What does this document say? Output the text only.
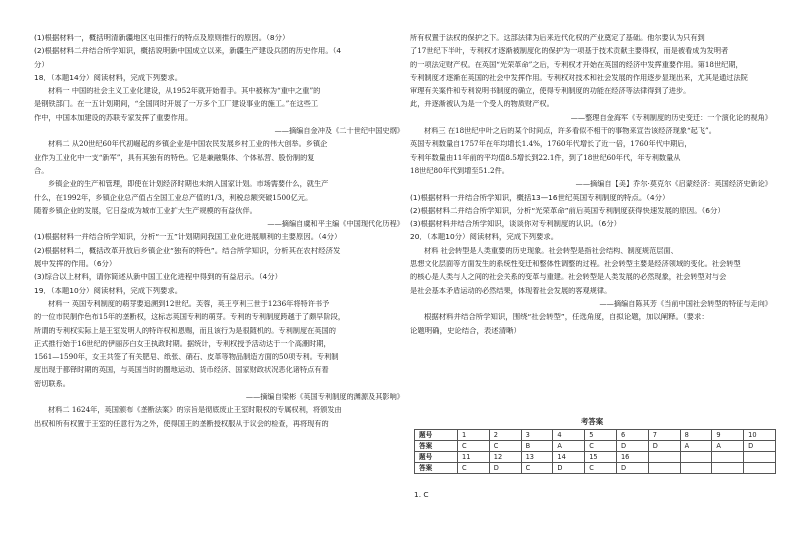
(1)根据材料一，概括明清新疆地区屯田推行的特点及原则推行的原因。（8分）

(2)根据材料二并结合所学知识，概括说明新中国成立以来，新疆生产建设兵团的历史作用。（4

分）

18．（本题14分）阅读材料，完成下列要求。

材料一 中国的社会主义工业化建设，从1952年就开始着手。其中被称为“重中之重”的

是钢铁部门。在一五计划期间，“全国同时开展了一万多个工厂建设事业的施工。”在这些工

作中，中国本加建设的苏联专家发挥了重要作用。

——摘编自金冲及《二十世纪中国史纲》

材料二 从20世纪60年代初崛起的乡镇企业是中国农民发展乡村工业的伟大创举。乡镇企

业作为工业化中一支“新军”，具有其独有的特色。它是兼融集体、个体私营、股份制的复

合。

乡镇企业的生产和管理，即使在计划经济时期也未纳入国家计划。市场需要什么，就生产

什么，在1992年，乡镇企业总产值占全国工业总产值的1/3，利税总额突破1500亿元。

随着乡镇企业的发展，它日益成为城市工业扩大生产规模的有益伙伴。

——摘编自虞和平主编《中国现代化历程》

(1)根据材料一并结合所学知识，分析“一五”计划期间我国工业化进展顺利的主要原因。（4分）

(2)根据材料二，概括改革开放后乡镇企业“独有的特色”。结合所学知识，分析其在农村经济发

展中发挥的作用。（6分）

(3)综合以上材料，请你简述从新中国工业化进程中得到的有益启示。（4分）

19．（本题10分）阅读材料，完成下列要求。

材料一 英国专利制度的萌芽要追溯到12世纪。芙蓉，英王亨利三世于1236年将特许书予

的一位市民制作色布15年的垄断权，这标志英国专利的萌芽。专利的专利制度跨越于了颇早阶段，

所谓的专利权实际上是王室发明人的特许权和恩赐，而且该行为是很随机的。专利制度在英国的

正式推行始于16世纪的伊丽莎白女王执政时期。据统计，专利权授予活动达于一个高潮时期，

1561—1590年，女王共签了有关肥皂、纸张、硝石、皮革等物品制造方面的50项专利。专利制

度出现于都铎时期的英国，与英国当时的圈地运动、货币经济、国家财政状况恶化诸特点有着

密切联系。

——摘编自梁彬《英国专利制度的渊源及其影响》

材料二 1624年，英国颁布《垄断法案》的宗旨是彻底废止王室时限权的专属权利，将颁发由

出权和所有权置于王室的任意行为之外，使得国王的垄断授权服从于议会的检查，再将现有的

所有权置于法权的保护之下。这部法律为后来近代化权的产业奠定了基础。他尔要认为只有到

了17世纪下半叶，专利权才逐渐被制度化的保护为一项基于技术贡献主要得权，而是被看成为发明者

的一项法定财产权。在英国“光荣革命”之后，专利权才开始在英国的经济中发挥重要作用。第18世纪期，

专利制度才逐渐在英国的社会中发挥作用。专利权对技术和社会发展的作用逐步显现出来，尤其是通过法院

审理有关案件和专利说明书制度的确立，使得专利制度的功能在经济等法律得到了进步。

此，并逐渐被认为是一个受人的物质财产权。

——整理自金海军《专利制度的历史变迁：一个演化论的视角》

材料三 在18世纪中叶之后的某个时间点，许多看似不相干的事物来宣告该经济现象“起飞”。

英国专利数量自1757年在年均增长1.4%，1760年代增长了近一倍，1760年代中期后，

专利年数量由11年前的平均值8.5增长到22.1件，到了18世纪60年代，年专利数量从

18世纪80年代到增至51.2件。

——摘编自【美】乔尔·莫克尔《启蒙经济：英国经济史新论》

(1)根据材料一并结合所学知识，概括13—16世纪英国专利制度的特点。（4分）

(2)根据材料二并结合所学知识，分析“光荣革命”前后英国专利制度获得快速发展的原因。（6分）

(3)根据材料并结合所学知识，谈谈你对专利制度的认识。（6分）

20．（本题10分）阅读材料，完成下列要求。

材料 社会转型是人类重要的历史现象。社会转型是指社会结构、制度规范层面、

思想文化层面等方面发生的系统性变迁和整体性调整的过程。社会转型主要是经济领域的变化。社会转型

的核心是人类与人之间的社会关系的变革与重建。社会转型是人类发展的必然现象，社会转型对与会

是社会基本矛盾运动的必然结果，体现着社会发展的客观规律。

——摘编自陈其芳《当前中国社会转型的特征与走向》

根据材料并结合所学知识，围绕“社会转型”，任选角度，自拟论题，加以阐释。（要求：

论题明确，史论结合，表述清晰）

考答案
题号	1	2	3	4	5	6	7	8	9	10
答案	C	C	B	A	C	D	D	A	A	D
题号	11	12	13	14	15	16				
答案	C	D	C	D	C	D				
1. C
